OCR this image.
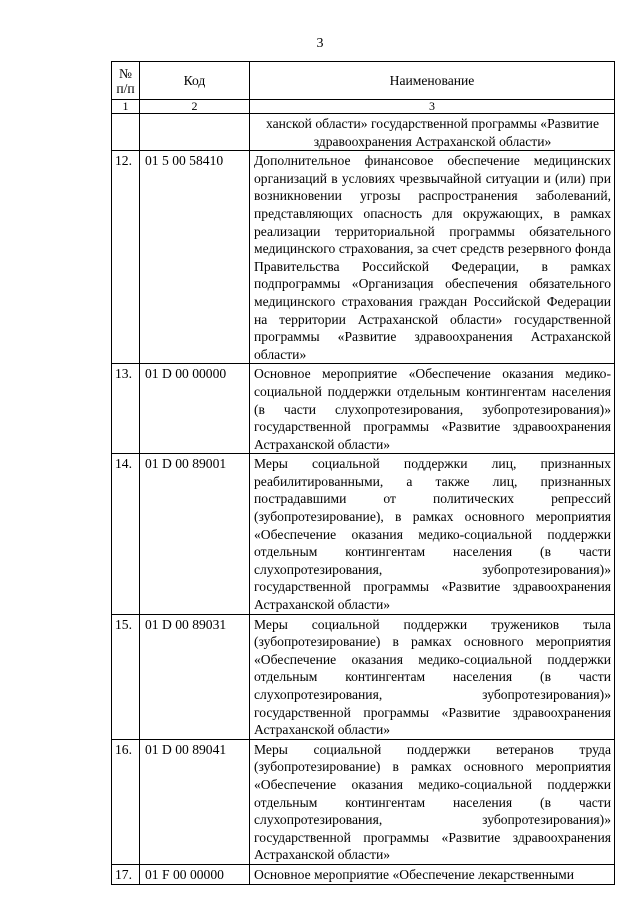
3
№ п/п	Код	Наименование
1	2	3
		ханской области» государственной программы «Развитие здравоохранения Астраханской области»
12.	01 5 00 58410	Дополнительное финансовое обеспечение медицинских организаций в условиях чрезвычайной ситуации и (или) при возникновении угрозы распространения заболеваний, представляющих опасность для окружающих, в рамках реализации территориальной программы обязательного медицинского страхования, за счет средств резервного фонда Правительства Российской Федерации, в рамках подпрограммы «Организация обеспечения обязательного медицинского страхования граждан Российской Федерации на территории Астраханской области» государственной программы «Развитие здравоохранения Астраханской области»
13.	01 D 00 00000	Основное мероприятие «Обеспечение оказания медико-социальной поддержки отдельным контингентам населения (в части слухопротезирования, зубопротезирования)» государственной программы «Развитие здравоохранения Астраханской области»
14.	01 D 00 89001	Меры социальной поддержки лиц, признанных реабилитированными, а также лиц, признанных пострадавшими от политических репрессий (зубопротезирование), в рамках основного мероприятия «Обеспечение оказания медико-социальной поддержки отдельным контингентам населения (в части слухопротезирования, зубопротезирования)» государственной программы «Развитие здравоохранения Астраханской области»
15.	01 D 00 89031	Меры социальной поддержки тружеников тыла (зубопротезирование) в рамках основного мероприятия «Обеспечение оказания медико-социальной поддержки отдельным контингентам населения (в части слухопротезирования, зубопротезирования)» государственной программы «Развитие здравоохранения Астраханской области»
16.	01 D 00 89041	Меры социальной поддержки ветеранов труда (зубопротезирование) в рамках основного мероприятия «Обеспечение оказания медико-социальной поддержки отдельным контингентам населения (в части слухопротезирования, зубопротезирования)» государственной программы «Развитие здравоохранения Астраханской области»
17.	01 F 00 00000	Основное мероприятие «Обеспечение лекарственными
